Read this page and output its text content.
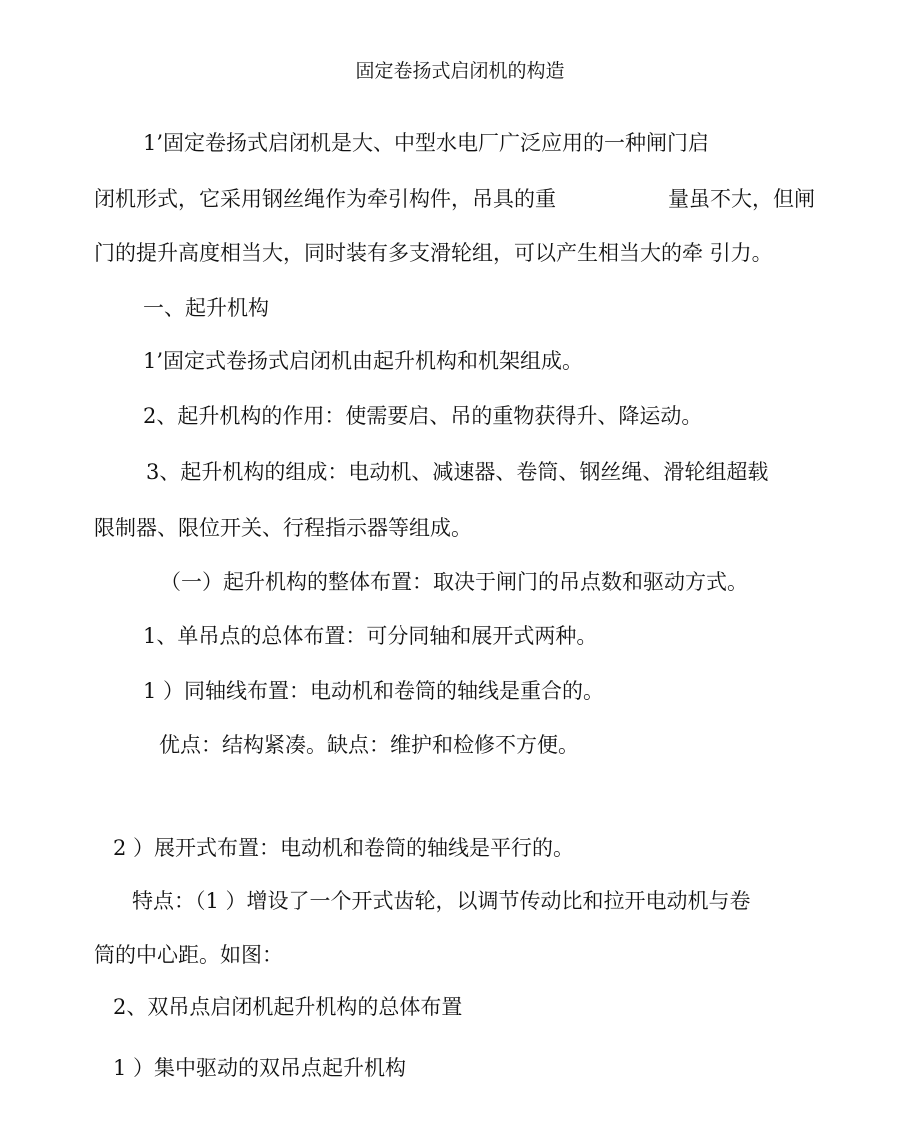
固定卷扬式启闭机的构造
1’固定卷扬式启闭机是大、中型水电厂广泛应用的一种闸门启
闭机形式，它采用钢丝绳作为牵引构件，吊具的重	量虽不大，但闸
门的提升高度相当大，同时装有多支滑轮组，可以产生相当大的牵 引力。
一、起升机构
1’固定式卷扬式启闭机由起升机构和机架组成。
2、起升机构的作用：使需要启、吊的重物获得升、降运动。
3、起升机构的组成：电动机、减速器、卷筒、钢丝绳、滑轮组超载
限制器、限位开关、行程指示器等组成。
（一）起升机构的整体布置：取决于闸门的吊点数和驱动方式。
1、单吊点的总体布置：可分同轴和展开式两种。
1 ）同轴线布置：电动机和卷筒的轴线是重合的。
优点：结构紧凑。缺点：维护和检修不方便。
2 ）展开式布置：电动机和卷筒的轴线是平行的。
特点：（1 ）增设了一个开式齿轮，以调节传动比和拉开电动机与卷
筒的中心距。如图：
2、双吊点启闭机起升机构的总体布置
1 ）集中驱动的双吊点起升机构
